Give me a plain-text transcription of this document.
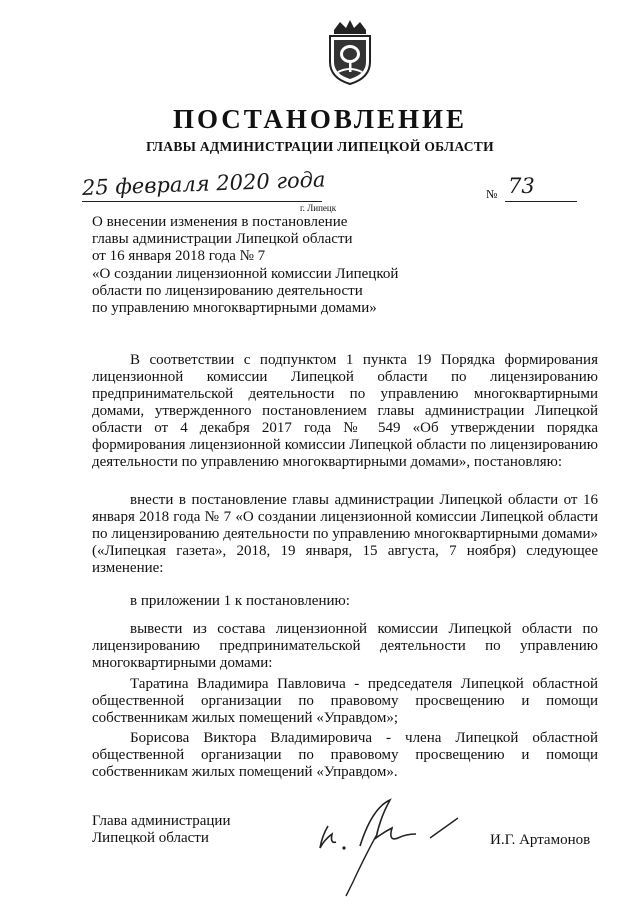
ПОСТАНОВЛЕНИЕ
ГЛАВЫ АДМИНИСТРАЦИИ ЛИПЕЦКОЙ ОБЛАСТИ
25 февраля 2020 года
г. Липецк
№ 73
О внесении изменения в постановление
главы администрации Липецкой области
от 16 января 2018 года № 7
«О создании лицензионной комиссии Липецкой
области по лицензированию деятельности
по управлению многоквартирными домами»

В соответствии с подпунктом 1 пункта 19 Порядка формирования лицензионной комиссии Липецкой области по лицензированию предпринимательской деятельности по управлению многоквартирными домами, утвержденного постановлением главы администрации Липецкой области от 4 декабря 2017 года № 549 «Об утверждении порядка формирования лицензионной комиссии Липецкой области по лицензированию деятельности по управлению многоквартирными домами», постановляю:

внести в постановление главы администрации Липецкой области от 16 января 2018 года № 7 «О создании лицензионной комиссии Липецкой области по лицензированию деятельности по управлению многоквартирными домами» («Липецкая газета», 2018, 19 января, 15 августа, 7 ноября) следующее изменение:

в приложении 1 к постановлению:

вывести из состава лицензионной комиссии Липецкой области по лицензированию предпринимательской деятельности по управлению многоквартирными домами:

Таратина Владимира Павловича - председателя Липецкой областной общественной организации по правовому просвещению и помощи собственникам жилых помещений «Управдом»;

Борисова Виктора Владимировича - члена Липецкой областной общественной организации по правовому просвещению и помощи собственникам жилых помещений «Управдом».

Глава администрации
Липецкой области	И.Г. Артамонов
